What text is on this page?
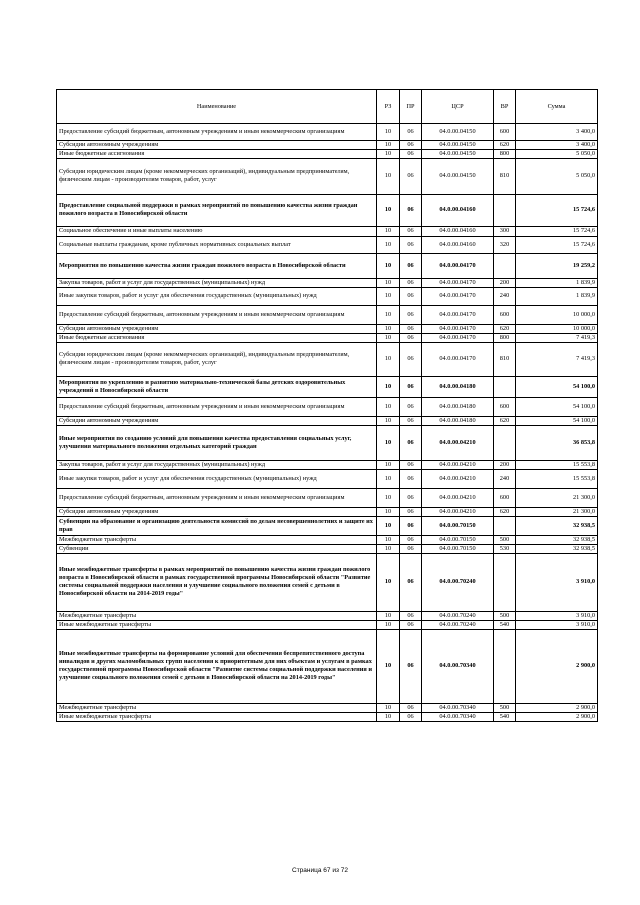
Наименование	РЗ	ПР	ЦСР	ВР	Сумма
Предоставление субсидий бюджетным, автономным учреждениям и иным некоммерческим организациям	10	06	04.0.00.04150	600	3 400,0
Субсидии автономным учреждениям	10	06	04.0.00.04150	620	3 400,0
Иные бюджетные ассигнования	10	06	04.0.00.04150	800	5 050,0
Субсидии юридическим лицам (кроме некоммерческих организаций), индивидуальным предпринимателям, физическим лицам - производителям товаров, работ, услуг	10	06	04.0.00.04150	810	5 050,0
Предоставление социальной поддержки в рамках мероприятий по повышению качества жизни граждан пожилого возраста в Новосибирской области	10	06	04.0.00.04160		15 724,6
Социальное обеспечение и иные выплаты населению	10	06	04.0.00.04160	300	15 724,6
Социальные выплаты гражданам, кроме публичных нормативных социальных выплат	10	06	04.0.00.04160	320	15 724,6
Мероприятия по повышению качества жизни граждан пожилого возраста в Новосибирской области	10	06	04.0.00.04170		19 259,2
Закупка товаров, работ и услуг для государственных (муниципальных) нужд	10	06	04.0.00.04170	200	1 839,9
Иные закупки товаров, работ и услуг для обеспечения государственных (муниципальных) нужд	10	06	04.0.00.04170	240	1 839,9
Предоставление субсидий бюджетным, автономным учреждениям и иным некоммерческим организациям	10	06	04.0.00.04170	600	10 000,0
Субсидии автономным учреждениям	10	06	04.0.00.04170	620	10 000,0
Иные бюджетные ассигнования	10	06	04.0.00.04170	800	7 419,3
Субсидии юридическим лицам (кроме некоммерческих организаций), индивидуальным предпринимателям, физическим лицам - производителям товаров, работ, услуг	10	06	04.0.00.04170	810	7 419,3
Мероприятия по укреплению и развитию материально-технической базы детских оздоровительных учреждений в Новосибирской области	10	06	04.0.00.04180		54 100,0
Предоставление субсидий бюджетным, автономным учреждениям и иным некоммерческим организациям	10	06	04.0.00.04180	600	54 100,0
Субсидии автономным учреждениям	10	06	04.0.00.04180	620	54 100,0
Иные мероприятия по созданию условий для повышения качества предоставления социальных услуг, улучшения материального положения отдельных категорий граждан	10	06	04.0.00.04210		36 853,8
Закупка товаров, работ и услуг для государственных (муниципальных) нужд	10	06	04.0.00.04210	200	15 553,8
Иные закупки товаров, работ и услуг для обеспечения государственных (муниципальных) нужд	10	06	04.0.00.04210	240	15 553,8
Предоставление субсидий бюджетным, автономным учреждениям и иным некоммерческим организациям	10	06	04.0.00.04210	600	21 300,0
Субсидии автономным учреждениям	10	06	04.0.00.04210	620	21 300,0
Субвенции на образование и организацию деятельности комиссий по делам несовершеннолетних и защите их прав	10	06	04.0.00.70150		32 938,5
Межбюджетные трансферты	10	06	04.0.00.70150	500	32 938,5
Субвенции	10	06	04.0.00.70150	530	32 938,5
Иные межбюджетные трансферты в рамках мероприятий по повышению качества жизни граждан пожилого возраста в Новосибирской области в рамках государственной программы Новосибирской области "Развитие системы социальной поддержки населения и улучшение социального положения семей с детьми в Новосибирской области на 2014-2019 годы"	10	06	04.0.00.70240		3 910,0
Межбюджетные трансферты	10	06	04.0.00.70240	500	3 910,0
Иные межбюджетные трансферты	10	06	04.0.00.70240	540	3 910,0
Иные межбюджетные трансферты на формирование условий для обеспечения беспрепятственного доступа инвалидов и других маломобильных групп населения к приоритетным для них объектам и услугам в рамках государственной программы Новосибирской области "Развитие системы социальной поддержки населения и улучшение социального положения семей с детьми в Новосибирской области на 2014-2019 годы"	10	06	04.0.00.70340		2 900,0
Межбюджетные трансферты	10	06	04.0.00.70340	500	2 900,0
Иные межбюджетные трансферты	10	06	04.0.00.70340	540	2 900,0
Страница 67 из 72
